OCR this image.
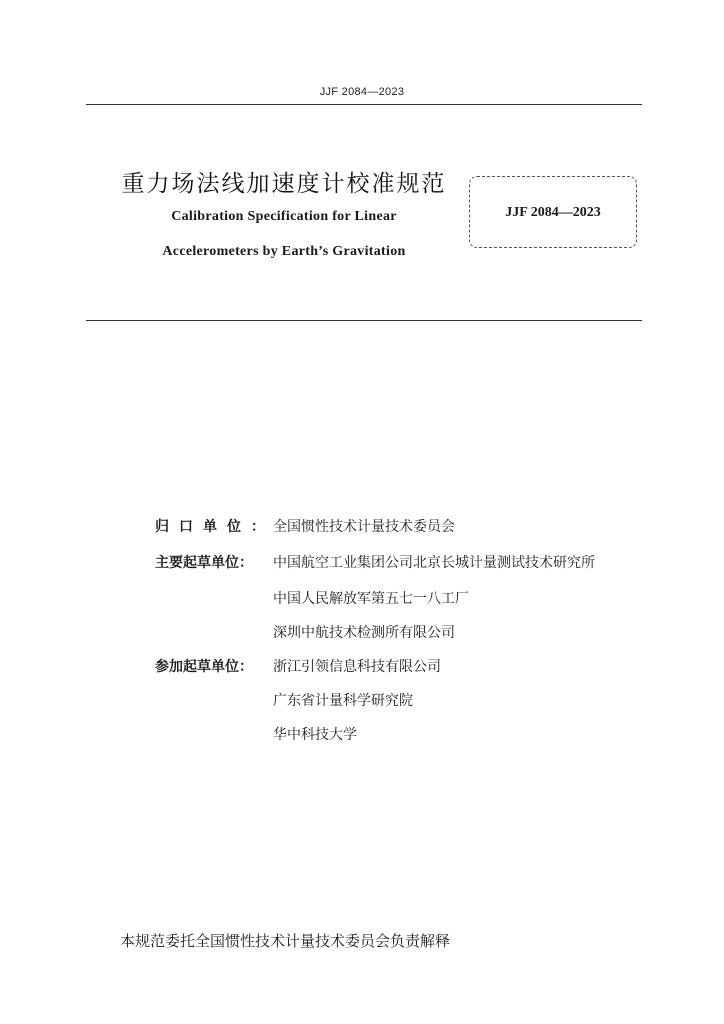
JJF 2084—2023
重力场法线加速度计校准规范
Calibration Specification for Linear
Accelerometers by Earth’s Gravitation
JJF 2084—2023
归口单位：
全国惯性技术计量技术委员会
主要起草单位：	中国航空工业集团公司北京长城计量测试技术研究所
中国人民解放军第五七一八工厂
深圳中航技术检测所有限公司
参加起草单位：	浙江引领信息科技有限公司
广东省计量科学研究院
华中科技大学
本规范委托全国惯性技术计量技术委员会负责解释
